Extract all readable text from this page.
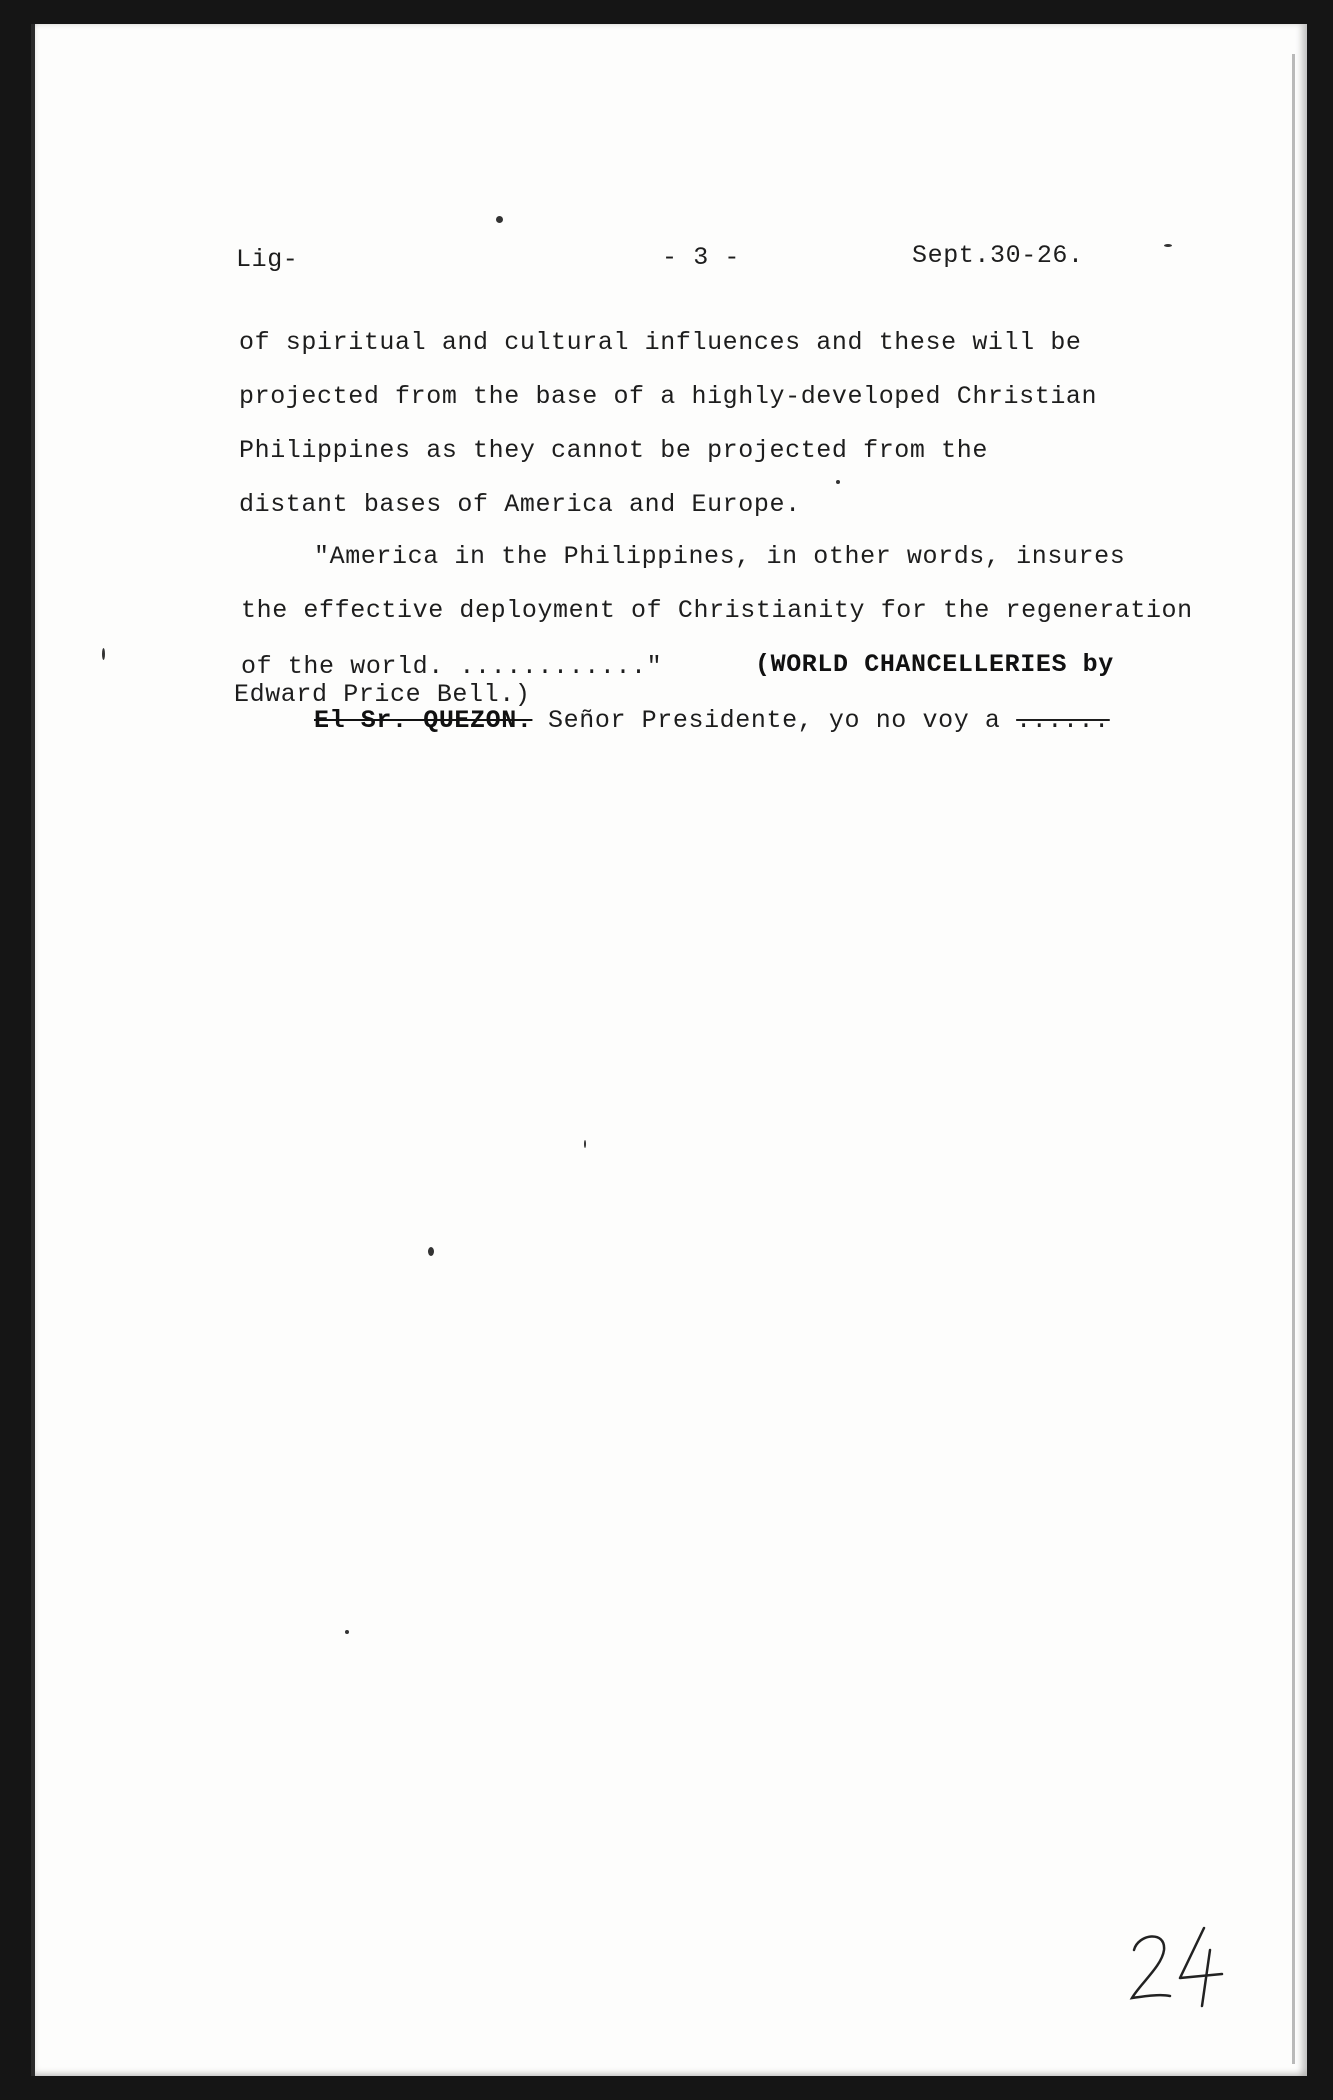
Lig-	- 3 -	Sept.30-26.
of spiritual and cultural influences and these will be
projected from the base of a highly-developed Christian
Philippines as they cannot be projected from the
distant bases of America and Europe.
"America in the Philippines, in other words, insures
the effective deployment of Christianity for the regeneration
of the world. ............"	(WORLD CHANCELLERIES by
Edward Price Bell.)
El Sr. QUEZON. Señor Presidente, yo no voy a ......
